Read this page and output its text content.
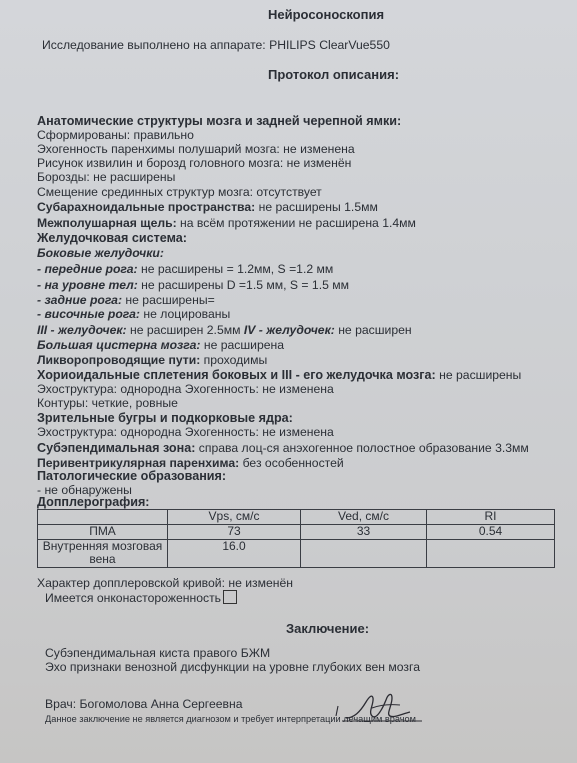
Нейросоноскопия
Исследование выполнено на аппарате: PHILIPS ClearVue550
Протокол описания:
Анатомические структуры мозга и задней черепной ямки:
Сформированы: правильно
Эхогенность паренхимы полушарий мозга: не изменена
Рисунок извилин и борозд головного мозга: не изменён
Борозды: не расширены
Смещение срединных структур мозга: отсутствует
Субарахноидальные пространства: не расширены 1.5мм
Межполушарная щель: на всём протяжении не расширена 1.4мм
Желудочковая система:
Боковые желудочки:
- передние рога: не расширены = 1.2мм, S =1.2 мм
- на уровне тел: не расширены D =1.5 мм, S = 1.5 мм
- задние рога: не расширены=
- височные рога: не лоцированы
III - желудочек: не расширен 2.5мм IV - желудочек: не расширен
Большая цистерна мозга: не расширена
Ликворопроводящие пути: проходимы
Хориоидальные сплетения боковых и III - его желудочка мозга: не расширены
Эхоструктура: однородна Эхогенность: не изменена
Контуры: четкие, ровные
Зрительные бугры и подкорковые ядра:
Эхоструктура: однородна Эхогенность: не изменена
Субэпендимальная зона: справа лоц-ся анэхогенное полостное образование 3.3мм
Перивентрикулярная паренхима: без особенностей
Патологические образования:
- не обнаружены
Допплерография:
	Vps, см/с	Ved, см/с	RI
ПМА	73	33	0.54
Внутренняя мозговая вена	16.0		
Характер допплеровской кривой: не изменён
Имеется онконастороженность
Заключение:
Субэпендимальная киста правого БЖМ
Эхо признаки венозной дисфункции на уровне глубоких вен мозга
Врач: Богомолова Анна Сергеевна
Данное заключение не является диагнозом и требует интерпретации лечащим врачом
